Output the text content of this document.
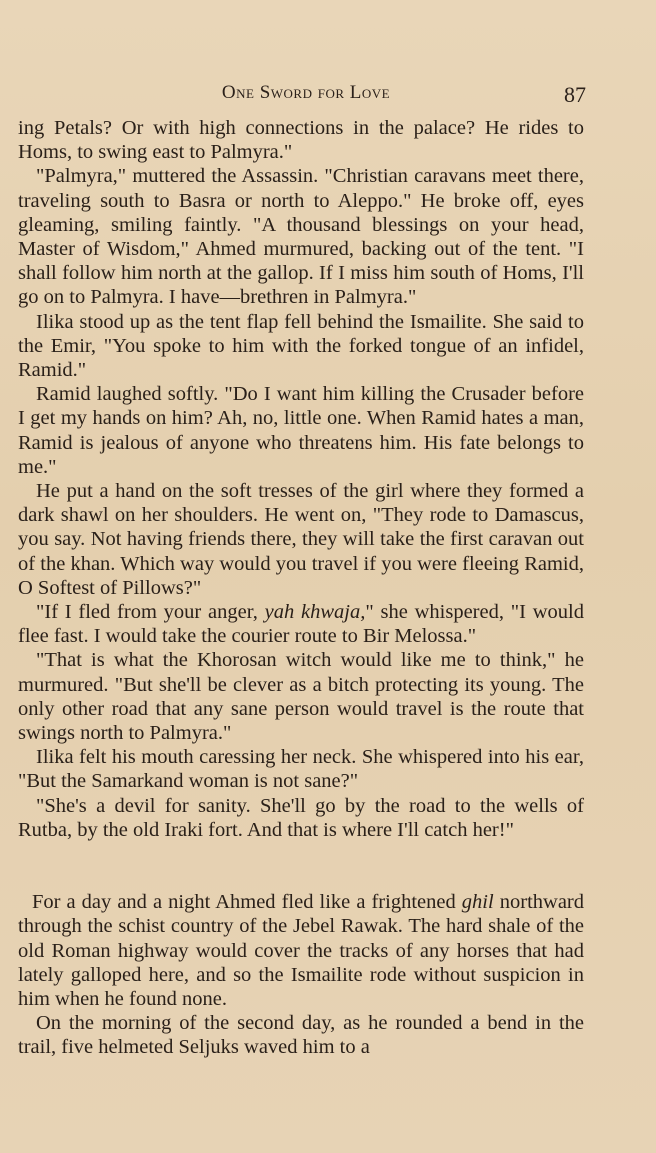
One Sword for Love	87

ing Petals? Or with high connections in the palace? He rides to Homs, to swing east to Palmyra."

"Palmyra," muttered the Assassin. "Christian caravans meet there, traveling south to Basra or north to Aleppo." He broke off, eyes gleaming, smiling faintly. "A thousand blessings on your head, Master of Wisdom," Ahmed murmured, backing out of the tent. "I shall follow him north at the gallop. If I miss him south of Homs, I'll go on to Palmyra. I have—brethren in Palmyra."

Ilika stood up as the tent flap fell behind the Ismailite. She said to the Emir, "You spoke to him with the forked tongue of an infidel, Ramid."

Ramid laughed softly. "Do I want him killing the Crusader before I get my hands on him? Ah, no, little one. When Ramid hates a man, Ramid is jealous of anyone who threatens him. His fate belongs to me."

He put a hand on the soft tresses of the girl where they formed a dark shawl on her shoulders. He went on, "They rode to Damascus, you say. Not having friends there, they will take the first caravan out of the khan. Which way would you travel if you were fleeing Ramid, O Softest of Pillows?"

"If I fled from your anger, yah khwaja," she whispered, "I would flee fast. I would take the courier route to Bir Melossa."

"That is what the Khorosan witch would like me to think," he murmured. "But she'll be clever as a bitch protecting its young. The only other road that any sane person would travel is the route that swings north to Palmyra."

Ilika felt his mouth caressing her neck. She whispered into his ear, "But the Samarkand woman is not sane?"

"She's a devil for sanity. She'll go by the road to the wells of Rutba, by the old Iraki fort. And that is where I'll catch her!"

For a day and a night Ahmed fled like a frightened ghil northward through the schist country of the Jebel Rawak. The hard shale of the old Roman highway would cover the tracks of any horses that had lately galloped here, and so the Ismailite rode without suspicion in him when he found none.

On the morning of the second day, as he rounded a bend in the trail, five helmeted Seljuks waved him to a
